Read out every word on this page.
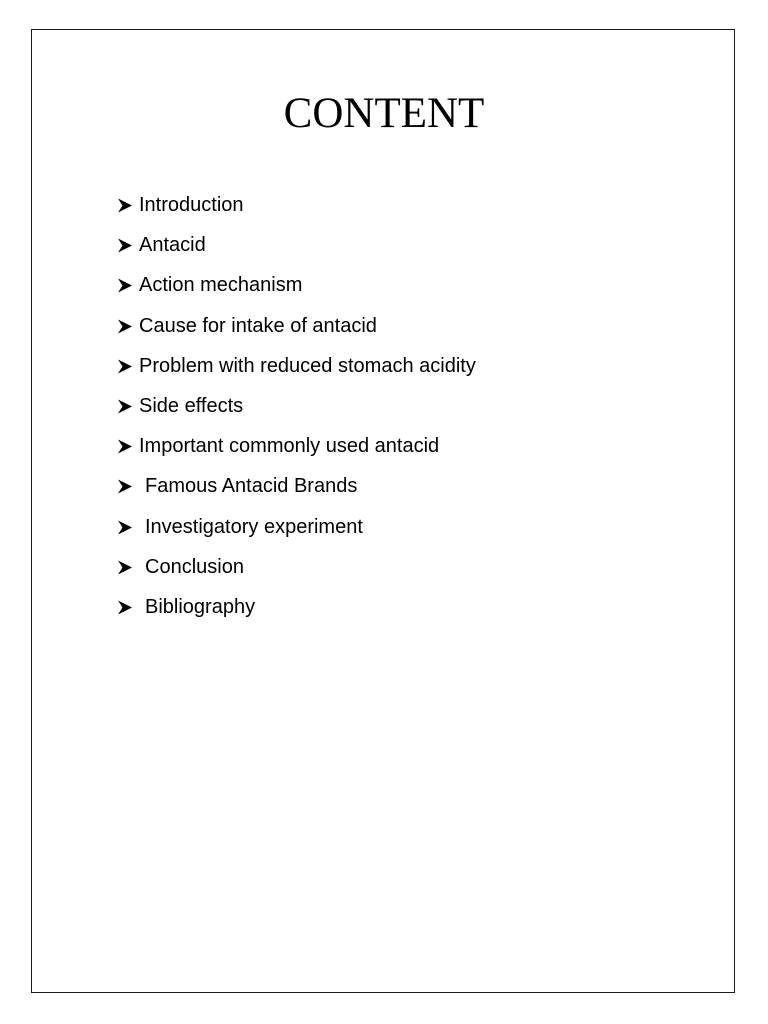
CONTENT
Introduction
Antacid
Action mechanism
Cause for intake of antacid
Problem with reduced stomach acidity
Side effects
Important commonly used antacid
Famous Antacid Brands
Investigatory experiment
Conclusion
Bibliography
